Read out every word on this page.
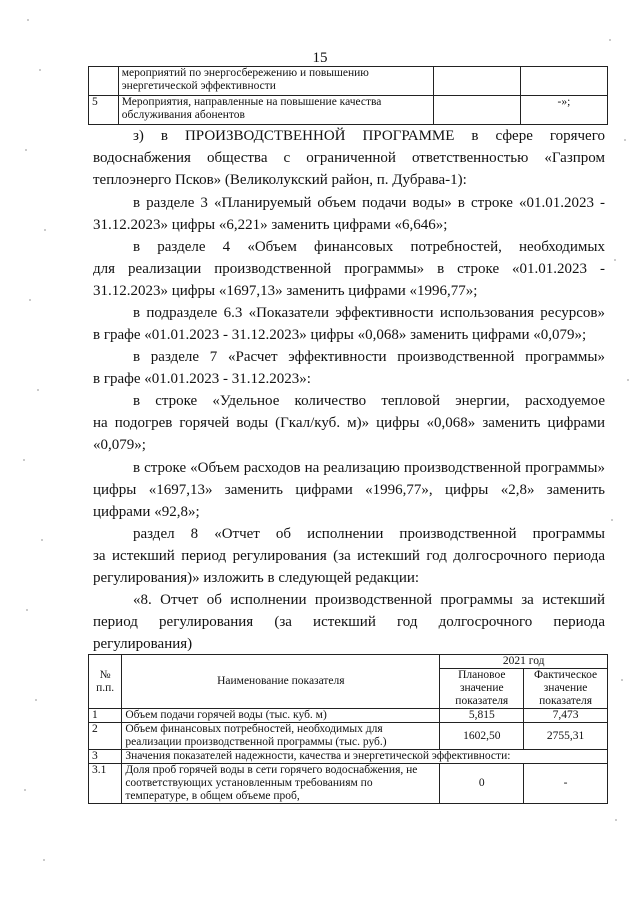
15
	мероприятий по энергосбережению и повышению энергетической эффективности		
5	Мероприятия, направленные на повышение качества обслуживания абонентов		-»;

з) в ПРОИЗВОДСТВЕННОЙ ПРОГРАММЕ в сфере горячего
водоснабжения общества с ограниченной ответственностью «Газпром
теплоэнерго Псков» (Великолукский район, п. Дубрава-1):

в разделе 3 «Планируемый объем подачи воды» в строке «01.01.2023 -
31.12.2023» цифры «6,221» заменить цифрами «6,646»;

в разделе 4 «Объем финансовых потребностей, необходимых
для реализации производственной программы» в строке «01.01.2023 -
31.12.2023» цифры «1697,13» заменить цифрами «1996,77»;

в подразделе 6.3 «Показатели эффективности использования ресурсов»
в графе «01.01.2023 - 31.12.2023» цифры «0,068» заменить цифрами «0,079»;

в разделе 7 «Расчет эффективности производственной программы»
в графе «01.01.2023 - 31.12.2023»:

в строке «Удельное количество тепловой энергии, расходуемое
на подогрев горячей воды (Гкал/куб. м)» цифры «0,068» заменить цифрами
«0,079»;

в строке «Объем расходов на реализацию производственной программы»
цифры «1697,13» заменить цифрами «1996,77», цифры «2,8» заменить
цифрами «92,8»;

раздел 8 «Отчет об исполнении производственной программы
за истекший период регулирования (за истекший год долгосрочного периода
регулирования)» изложить в следующей редакции:

«8. Отчет об исполнении производственной программы за истекший
период регулирования (за истекший год долгосрочного периода
регулирования)

№ п.п.	Наименование показателя	2021 год	
		Плановое значение показателя	Фактическое значение показателя
1	Объем подачи горячей воды (тыс. куб. м)	5,815	7,473
2	Объем финансовых потребностей, необходимых для реализации производственной программы (тыс. руб.)	1602,50	2755,31
3	Значения показателей надежности, качества и энергетической эффективности:		
3.1	Доля проб горячей воды в сети горячего водоснабжения, не соответствующих установленным требованиям по температуре, в общем объеме проб,	0	-
